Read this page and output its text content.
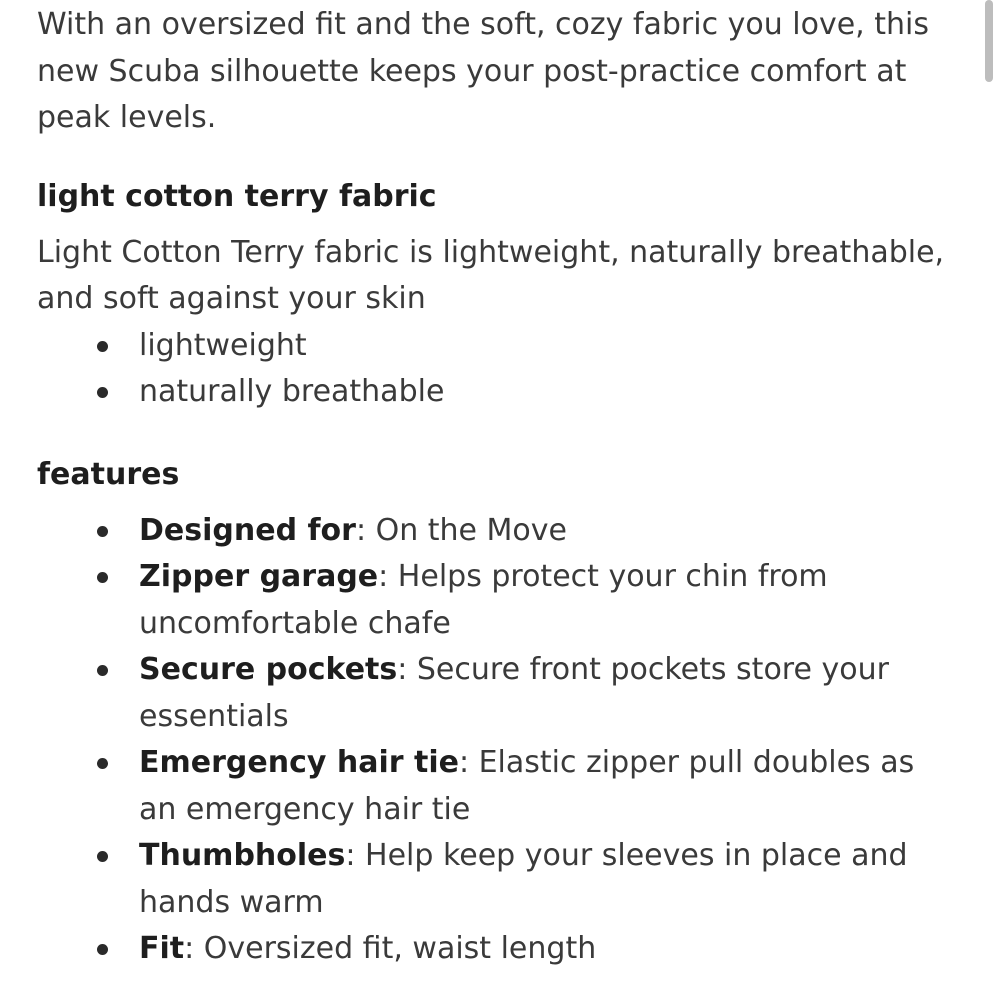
With an oversized fit and the soft, cozy fabric you love, this new Scuba silhouette keeps your post-practice comfort at peak levels.

light cotton terry fabric

Light Cotton Terry fabric is lightweight, naturally breathable, and soft against your skin

lightweight
naturally breathable
features
Designed for: On the Move
Zipper garage: Helps protect your chin from uncomfortable chafe
Secure pockets: Secure front pockets store your essentials
Emergency hair tie: Elastic zipper pull doubles as an emergency hair tie
Thumbholes: Help keep your sleeves in place and hands warm
Fit: Oversized fit, waist length
